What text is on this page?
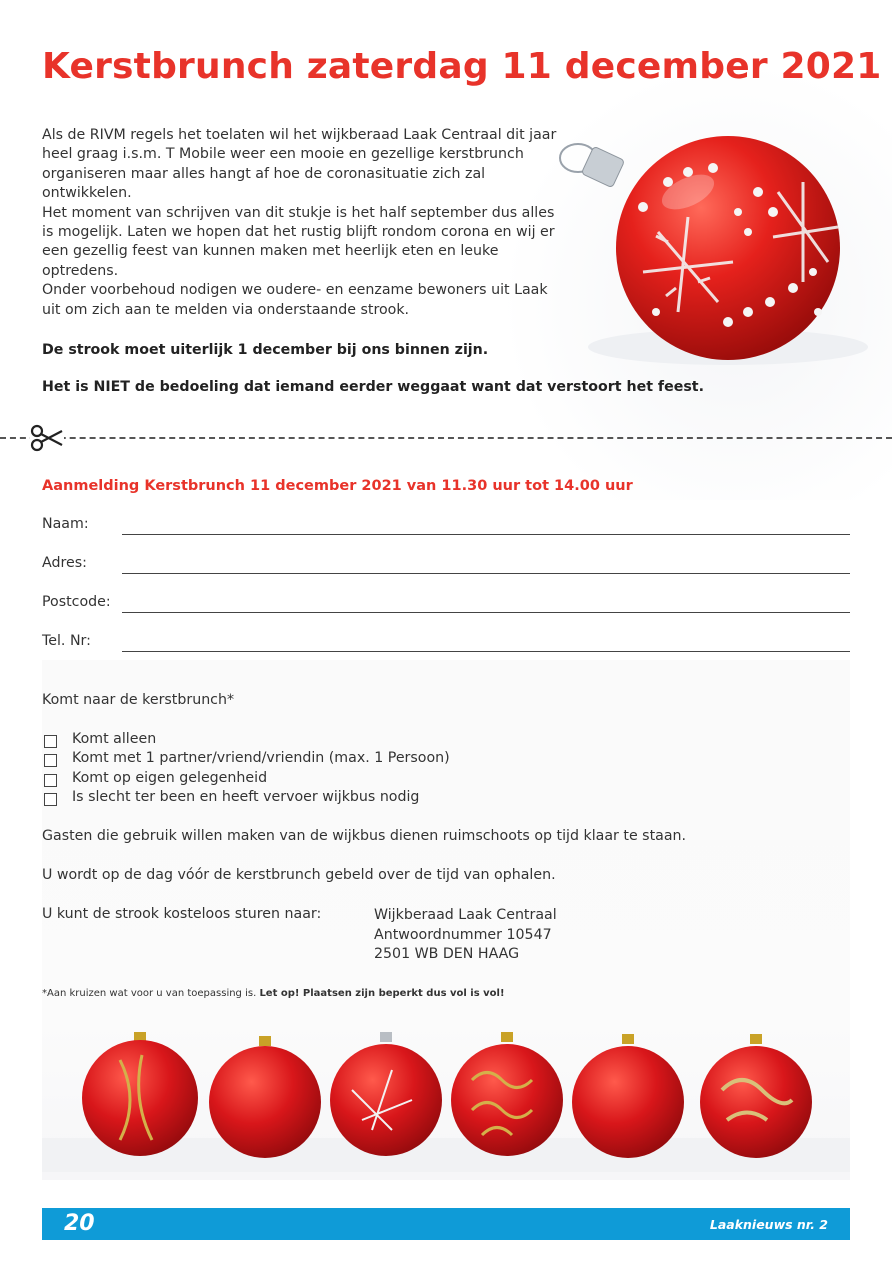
Kerstbrunch zaterdag 11 december 2021

Als de RIVM regels het toelaten wil het wijkberaad Laak Centraal dit jaar heel graag i.s.m. T Mobile weer een mooie en gezellige kerstbrunch organiseren maar alles hangt af hoe de coronasituatie zich zal ontwikkelen.

Het moment van schrijven van dit stukje is het half september dus alles is mogelijk. Laten we hopen dat het rustig blijft rondom corona en wij er een gezellig feest van kunnen maken met heerlijk eten en leuke optredens.

Onder voorbehoud nodigen we oudere- en eenzame bewoners uit Laak uit om zich aan te melden via onderstaande strook.

De strook moet uiterlijk 1 december bij ons binnen zijn.

Het is NIET de bedoeling dat iemand eerder weggaat want dat verstoort het feest.

Aanmelding Kerstbrunch 11 december 2021 van 11.30 uur tot 14.00 uur
Naam:
Adres:
Postcode:
Tel. Nr:

Komt naar de kerstbrunch*

Komt alleen
Komt met 1 partner/vriend/vriendin (max. 1 Persoon)
Komt op eigen gelegenheid
Is slecht ter been en heeft vervoer wijkbus nodig

Gasten die gebruik willen maken van de wijkbus dienen ruimschoots op tijd klaar te staan.

U wordt op de dag vóór de kerstbrunch gebeld over de tijd van ophalen.

U kunt de strook kosteloos sturen naar:	Wijkberaad Laak Centraal
Antwoordnummer 10547
2501 WB DEN HAAG
*Aan kruizen wat voor u van toepassing is. Let op! Plaatsen zijn beperkt dus vol is vol!
20	Laaknieuws nr. 2
